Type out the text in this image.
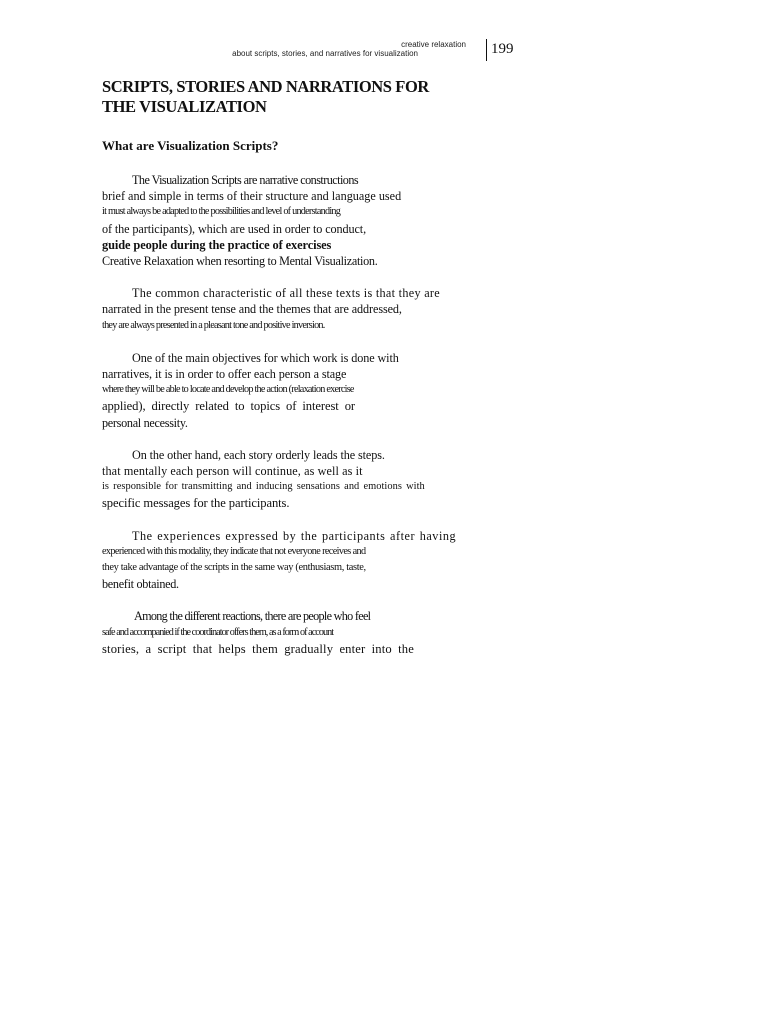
creative relaxation
about scripts, stories, and narratives for visualization	199
SCRIPTS, STORIES AND NARRATIONS FOR
THE VISUALIZATION
What are Visualization Scripts?

The Visualization Scripts are narrative constructions
brief and simple in terms of their structure and language used
it must always be adapted to the possibilities and level of understanding
of the participants), which are used in order to conduct,
guide people during the practice of exercises
Creative Relaxation when resorting to Mental Visualization.

The common characteristic of all these texts is that they are
narrated in the present tense and the themes that are addressed,
they are always presented in a pleasant tone and positive inversion.

One of the main objectives for which work is done with
narratives, it is in order to offer each person a stage
where they will be able to locate and develop the action (relaxation exercise
applied), directly related to topics of interest or
personal necessity.

On the other hand, each story orderly leads the steps.
that mentally each person will continue, as well as it
is responsible for transmitting and inducing sensations and emotions with
specific messages for the participants.

The experiences expressed by the participants after having
experienced with this modality, they indicate that not everyone receives and
they take advantage of the scripts in the same way (enthusiasm, taste,
benefit obtained.

Among the different reactions, there are people who feel
safe and accompanied if the coordinator offers them, as a form of account
stories, a script that helps them gradually enter into the
